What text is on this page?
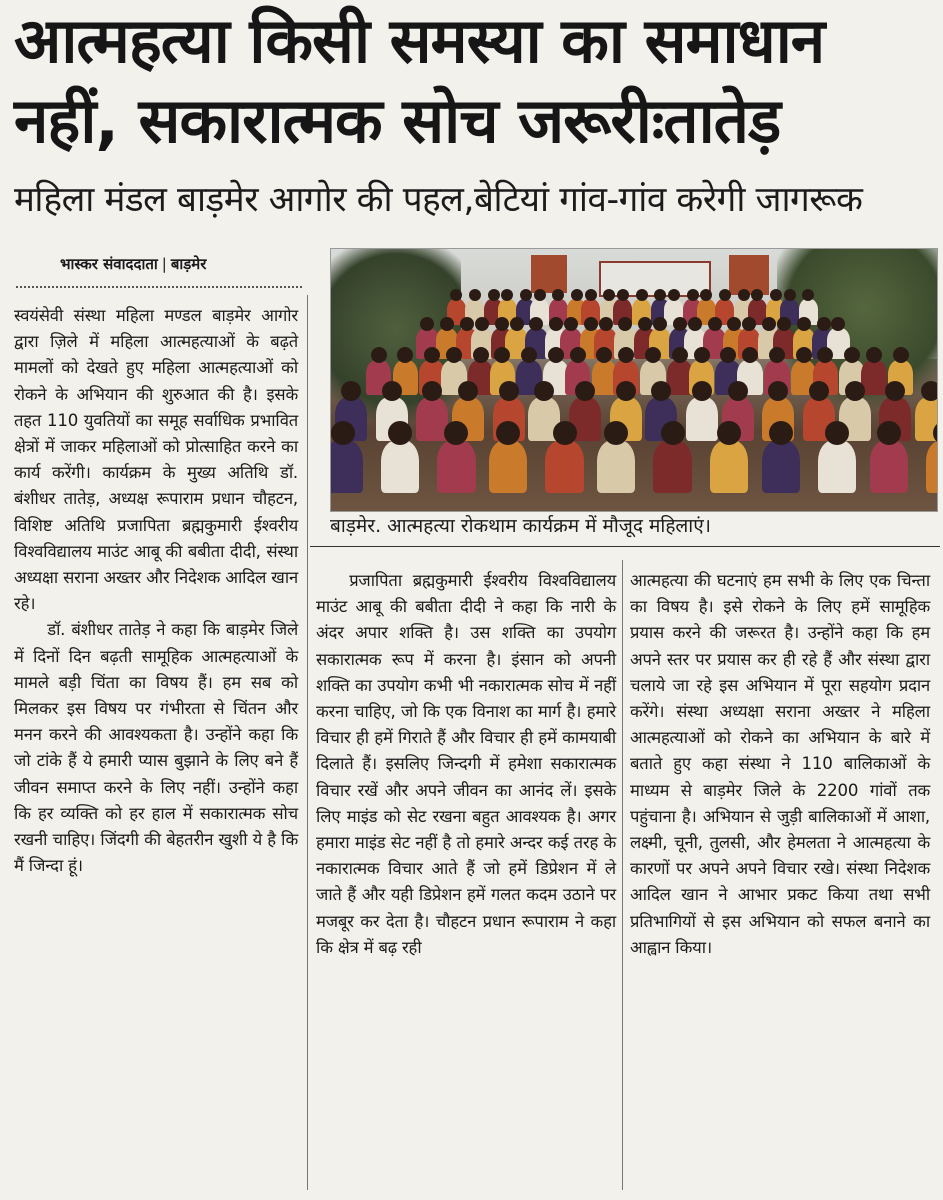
आत्महत्या किसी समस्या का समाधान
नहीं, सकारात्मक सोच जरूरीःतातेड़
महिला मंडल बाड़मेर आगोर की पहल,बेटियां गांव-गांव करेगी जागरूक
भास्कर संवाददाता | बाड़मेर
बाड़मेर. आत्महत्या रोकथाम कार्यक्रम में मौजूद महिलाएं।

स्वयंसेवी संस्था महिला मण्डल बाड़मेर आगोर द्वारा ज़िले में महिला आत्महत्याओं के बढ़ते मामलों को देखते हुए महिला आत्महत्याओं को रोकने के अभियान की शुरुआत की है। इसके तहत 110 युवतियों का समूह सर्वाधिक प्रभावित क्षेत्रों में जाकर महिलाओं को प्रोत्साहित करने का कार्य करेंगी। कार्यक्रम के मुख्य अतिथि डॉ. बंशीधर तातेड़, अध्यक्ष रूपाराम प्रधान चौहटन, विशिष्ट अतिथि प्रजापिता ब्रह्मकुमारी ईश्वरीय विश्वविद्यालय माउंट आबू की बबीता दीदी, संस्था अध्यक्षा सराना अख्तर और निदेशक आदिल खान रहे।

डॉ. बंशीधर तातेड़ ने कहा कि बाड़मेर जिले में दिनों दिन बढ़ती सामूहिक आत्महत्याओं के मामले बड़ी चिंता का विषय हैं। हम सब को मिलकर इस विषय पर गंभीरता से चिंतन और मनन करने की आवश्यकता है। उन्होंने कहा कि जो टांके हैं ये हमारी प्यास बुझाने के लिए बने हैं जीवन समाप्त करने के लिए नहीं। उन्होंने कहा कि हर व्यक्ति को हर हाल में सकारात्मक सोच रखनी चाहिए। जिंदगी की बेहतरीन खुशी ये है कि मैं जिन्दा हूं।

प्रजापिता ब्रह्मकुमारी ईश्वरीय विश्वविद्यालय माउंट आबू की बबीता दीदी ने कहा कि नारी के अंदर अपार शक्ति है। उस शक्ति का उपयोग सकारात्मक रूप में करना है। इंसान को अपनी शक्ति का उपयोग कभी भी नकारात्मक सोच में नहीं करना चाहिए, जो कि एक विनाश का मार्ग है। हमारे विचार ही हमें गिराते हैं और विचार ही हमें कामयाबी दिलाते हैं। इसलिए जिन्दगी में हमेशा सकारात्मक विचार रखें और अपने जीवन का आनंद लें। इसके लिए माइंड को सेट रखना बहुत आवश्यक है। अगर हमारा माइंड सेट नहीं है तो हमारे अन्दर कई तरह के नकारात्मक विचार आते हैं जो हमें डिप्रेशन में ले जाते हैं और यही डिप्रेशन हमें गलत कदम उठाने पर मजबूर कर देता है। चौहटन प्रधान रूपाराम ने कहा कि क्षेत्र में बढ़ रही

आत्महत्या की घटनाएं हम सभी के लिए एक चिन्ता का विषय है। इसे रोकने के लिए हमें सामूहिक प्रयास करने की जरूरत है। उन्होंने कहा कि हम अपने स्तर पर प्रयास कर ही रहे हैं और संस्था द्वारा चलाये जा रहे इस अभियान में पूरा सहयोग प्रदान करेंगे। संस्था अध्यक्षा सराना अख्तर ने महिला आत्महत्याओं को रोकने का अभियान के बारे में बताते हुए कहा संस्था ने 110 बालिकाओं के माध्यम से बाड़मेर जिले के 2200 गांवों तक पहुंचाना है। अभियान से जुड़ी बालिकाओं में आशा, लक्ष्मी, चूनी, तुलसी, और हेमलता ने आत्महत्या के कारणों पर अपने अपने विचार रखे। संस्था निदेशक आदिल खान ने आभार प्रकट किया तथा सभी प्रतिभागियों से इस अभियान को सफल बनाने का आह्वान किया।
